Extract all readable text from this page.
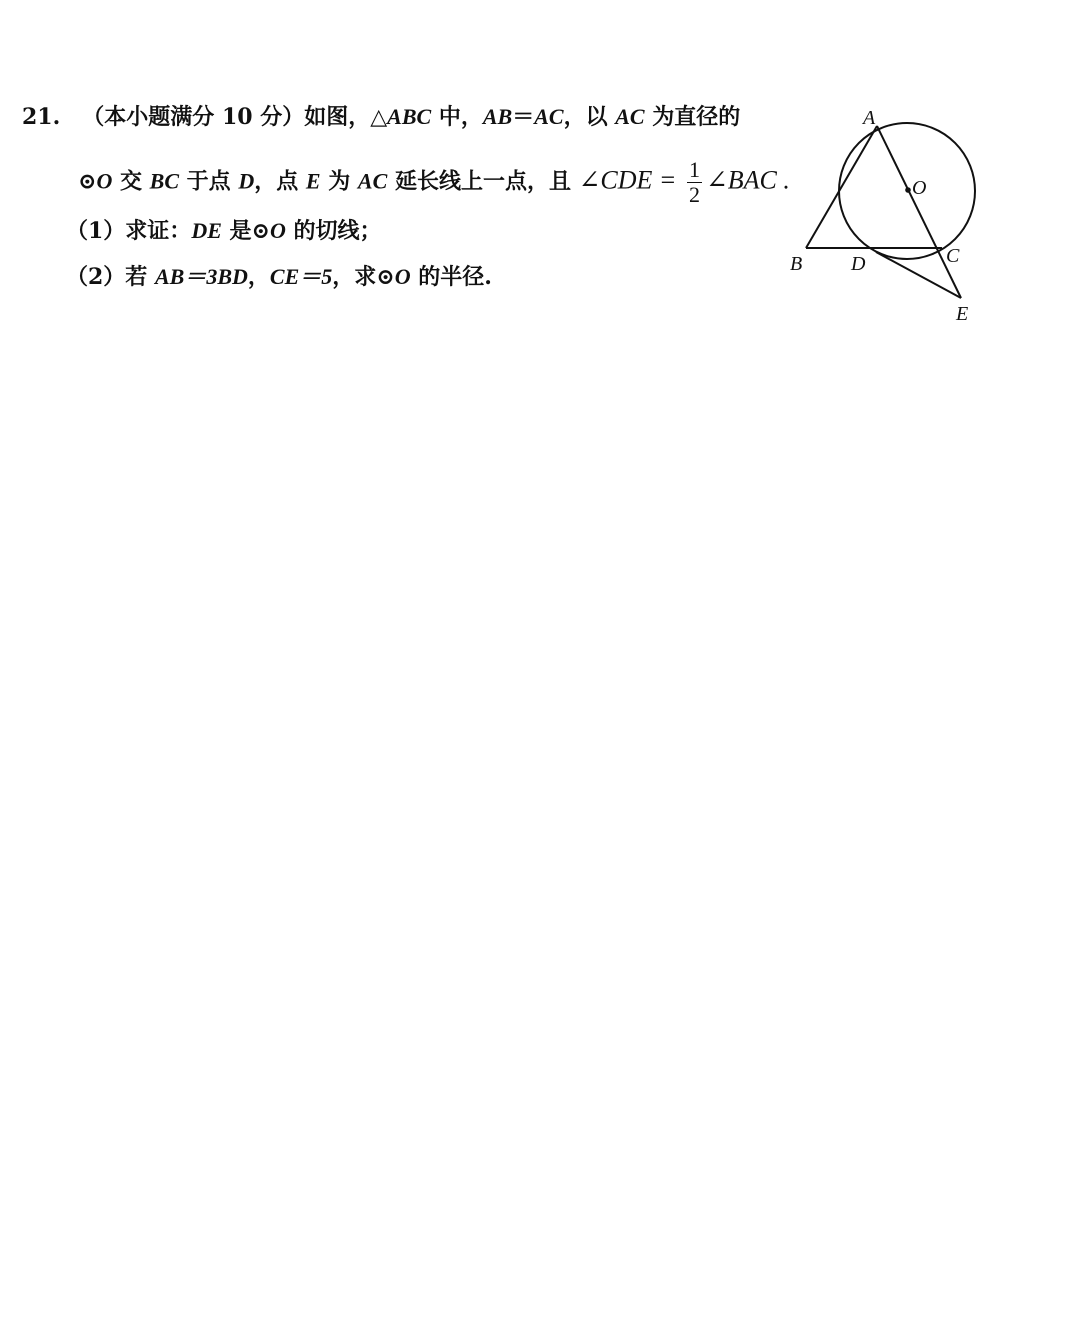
21. （本小题满分 10 分）如图，△ABC 中，AB＝AC，以 AC 为直径的
⊙O 交 BC 于点 D，点 E 为 AC 延长线上一点，且 ∠CDE = $\frac{1}{2}$ ∠BAC .
（1）求证：DE 是⊙O 的切线；
（2）若 AB＝3BD，CE＝5，求⊙O 的半径.
A
O
B D	C
E
